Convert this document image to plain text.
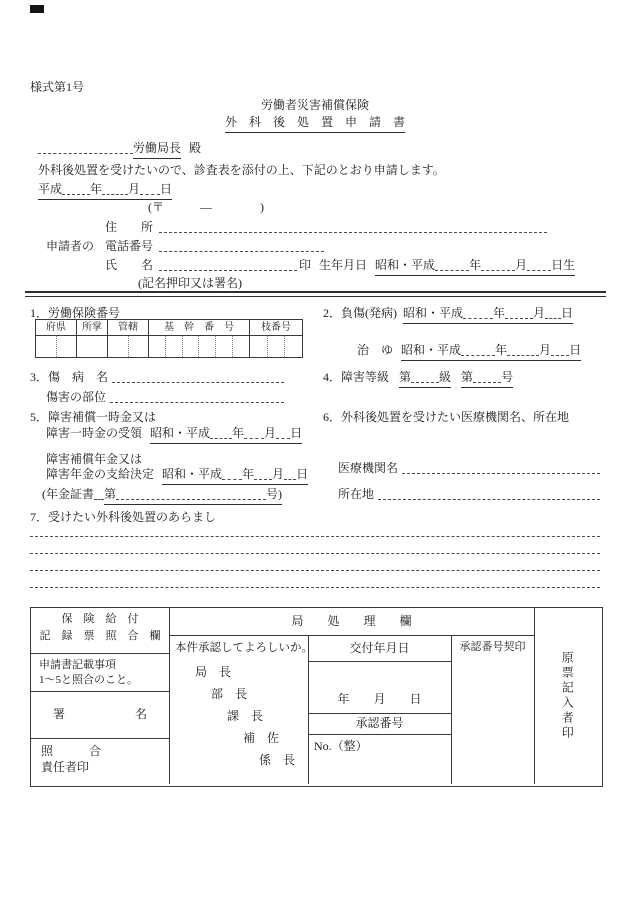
様式第1号
労働者災害補償保険
外　科　後　処　置　申　請　書
労働局長 殿
外科後処置を受けたいので、診査表を添付の上、下記のとおり申請します。
平成 年 月 日
(〒　　　—　　　　)
住　　所
申請者の 電話番号
氏　　名	印 生年月日 昭和・平成	年	月 日生
(記名押印又は署名)
1．労働保険番号	2．負傷(発病) 昭和・平成	年 月 日
府県	所掌	管轄	基　幹　番　号	枝番号

治　ゆ 昭和・平成	年	月 日
3．傷　病　名	4．障害等級 第 級 第 号
傷害の部位
5．障害補償一時金又は	6．外科後処置を受けたい医療機関名、所在地
障害一時金の受領 昭和・平成 年 月 日
障害補償年金又は
障害年金の支給決定 昭和・平成 年 月 日 医療機関名
(年金証書 第	号)	所在地
7．受けたい外科後処置のあらまし
局　　処　　理　　欄
保　険　給　付
記　録　票　照　合　欄
申請書記載事項
1〜5と照合のこと。
署	名
照　　　合
責任者印
本件承認してよろしいか。
局　長
部　長
課　長
補　佐
係　長
交付年月日	承認番号契印
年　　月　　日
承認番号
No.（整）
原票記入者印
